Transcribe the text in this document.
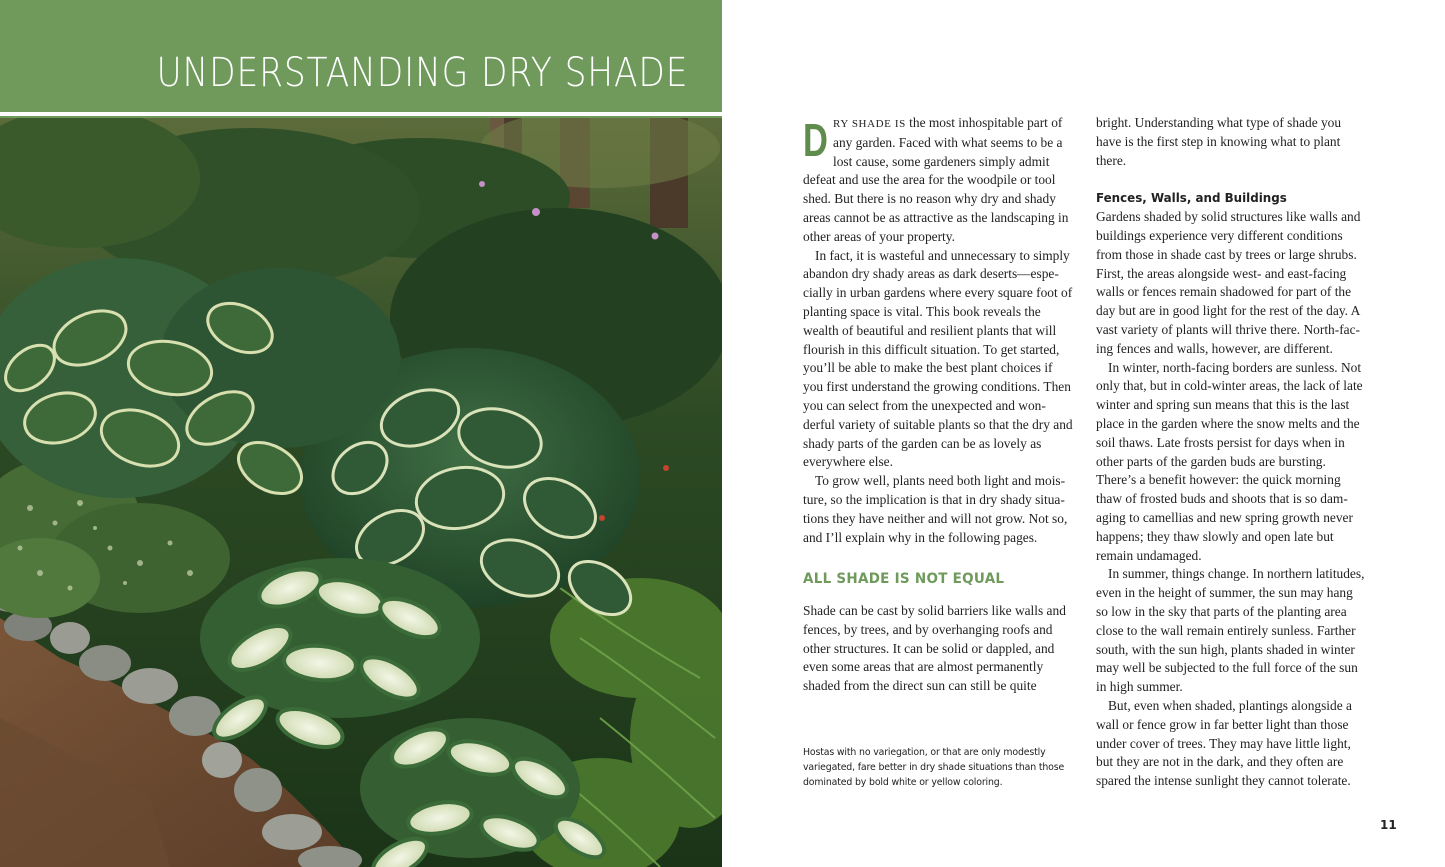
UNDERSTANDING DRY SHADE

DRY SHADE IS the most inhospitable part of any garden. Faced with what seems to be a lost cause, some gardeners simply admit defeat and use the area for the woodpile or tool shed. But there is no reason why dry and shady areas cannot be as attractive as the landscaping in other areas of your property.

In fact, it is wasteful and unnecessary to simply abandon dry shady areas as dark deserts—especially in urban gardens where every square foot of planting space is vital. This book reveals the wealth of beautiful and resilient plants that will flourish in this difficult situation. To get started, you’ll be able to make the best plant choices if you first understand the growing conditions. Then you can select from the unexpected and wonderful variety of suitable plants so that the dry and shady parts of the garden can be as lovely as everywhere else.

To grow well, plants need both light and moisture, so the implication is that in dry shady situations they have neither and will not grow. Not so, and I’ll explain why in the following pages.

ALL SHADE IS NOT EQUAL

Shade can be cast by solid barriers like walls and fences, by trees, and by overhanging roofs and other structures. It can be solid or dappled, and even some areas that are almost permanently shaded from the direct sun can still be quite

Hostas with no variegation, or that are only modestly variegated, fare better in dry shade situations than those dominated by bold white or yellow coloring.

bright. Understanding what type of shade you have is the first step in knowing what to plant there.

Fences, Walls, and Buildings

Gardens shaded by solid structures like walls and buildings experience very different conditions from those in shade cast by trees or large shrubs. First, the areas alongside west- and east-facing walls or fences remain shadowed for part of the day but are in good light for the rest of the day. A vast variety of plants will thrive there. North-facing fences and walls, however, are different.

In winter, north-facing borders are sunless. Not only that, but in cold-winter areas, the lack of late winter and spring sun means that this is the last place in the garden where the snow melts and the soil thaws. Late frosts persist for days when in other parts of the garden buds are bursting. There’s a benefit however: the quick morning thaw of frosted buds and shoots that is so damaging to camellias and new spring growth never happens; they thaw slowly and open late but remain undamaged.

In summer, things change. In northern latitudes, even in the height of summer, the sun may hang so low in the sky that parts of the planting area close to the wall remain entirely sunless. Farther south, with the sun high, plants shaded in winter may well be subjected to the full force of the sun in high summer.

But, even when shaded, plantings alongside a wall or fence grow in far better light than those under cover of trees. They may have little light, but they are not in the dark, and they often are spared the intense sunlight they cannot tolerate.

11
